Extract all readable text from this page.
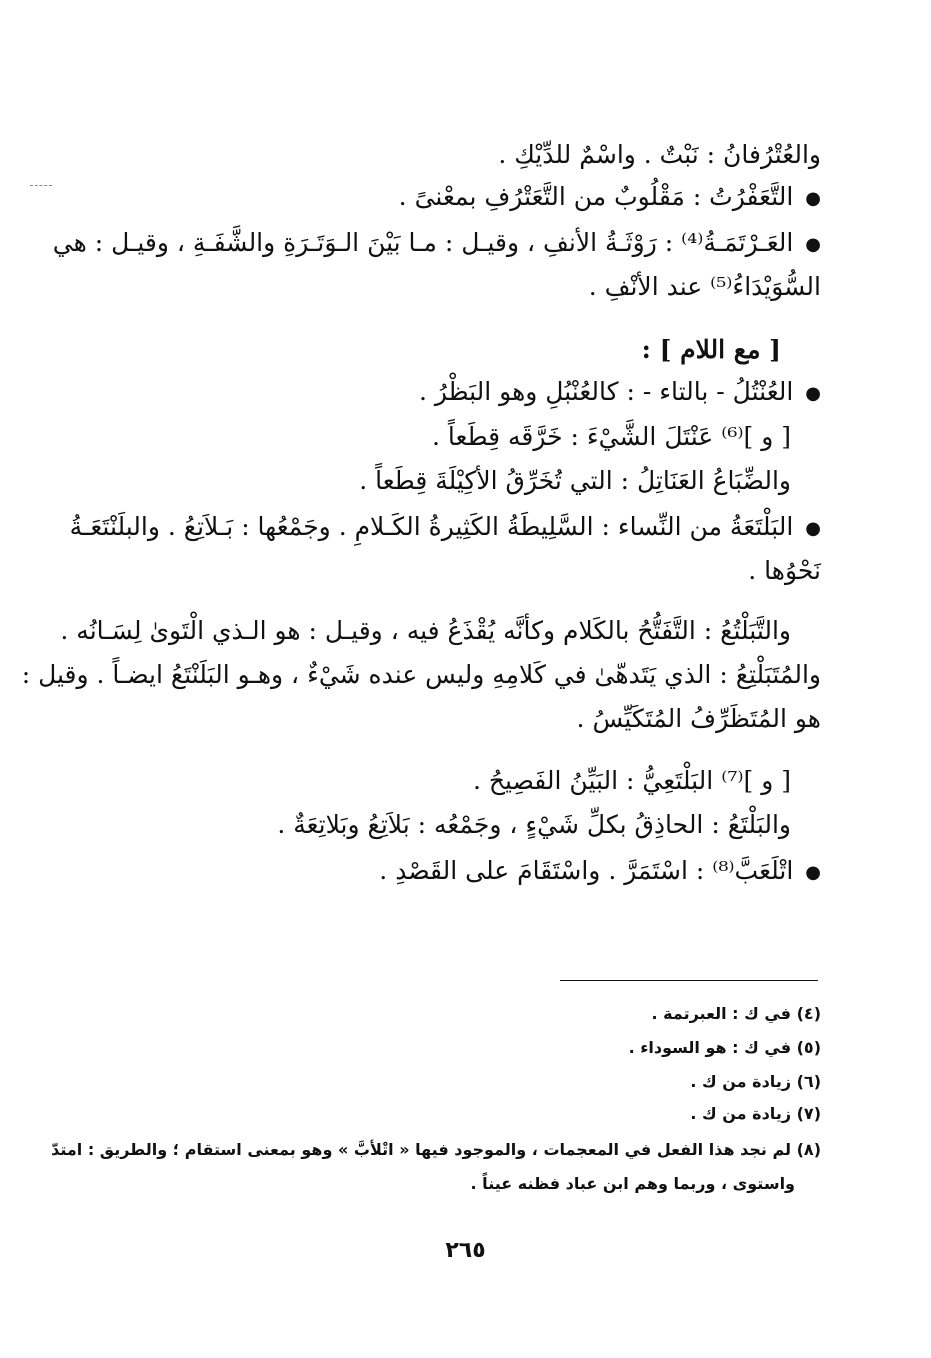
والعُتْرُفانُ : نَبْتٌ . واسْمٌ للدِّيْكِ .
● التَّعَفْرُتُ : مَقْلُوبٌ من التَّعَتْرُفِ بمعْنىً .
● العَـرْتَمَـةُ⁽⁴⁾ : رَوْثَـةُ الأنفِ ، وقيـل : مـا بَيْنَ الـوَتَـرَةِ والشَّفَـةِ ، وقيـل : هي
السُّوَيْدَاءُ⁽⁵⁾ عند الأنْفِ .
[ مع اللام ] :
● العُنْتُلُ - بالتاء - : كالعُنْبُلِ وهو البَظْرُ .
[ و ]⁽⁶⁾ عَنْتَلَ الشَّيْءَ : خَرَّقَه قِطَعاً .
والضِّبَاعُ العَنَاتِلُ : التي تُخَرِّقُ الأكِيْلَةَ قِطَعاً .
● البَلْتَعَةُ من النِّساء : السَّلِيطَةُ الكَثِيرةُ الكَـلامِ . وجَمْعُها : بَـلاَتِعُ . والبلَنْتَعَـةُ
نَحْوُها .
والتَّبَلْتُعُ : التَّفَتُّحُ بالكَلام وكأنَّه يُقْذَعُ فيه ، وقيـل : هو الـذي الْتَوىٰ لِسَـانُه .
والمُتَبَلْتِعُ : الذي يَتَدهّىٰ في كَلامِهِ وليس عنده شَيْءٌ ، وهـو البَلَنْتَعُ ايضـاً . وقيل :
هو المُتَظَرِّفُ المُتَكَيِّسُ .
[ و ]⁽⁷⁾ البَلْتَعِيُّ : البَيِّنُ الفَصِيحُ .
والبَلْتَعُ : الحاذِقُ بكلِّ شَيْءٍ ، وجَمْعُه : بَلاَتِعُ وبَلاتِعَةٌ .
● اتْلَعَبَّ⁽⁸⁾ : اسْتَمَرَّ . واسْتَقَامَ على القَصْدِ .
(٤) في ك : العبرتمة .
(٥) في ك : هو السوداء .
(٦) زيادة من ك .
(٧) زيادة من ك .
(٨) لم نجد هذا الفعل في المعجمات ، والموجود فيها « اتْلأبَّ » وهو بمعنى استقام ؛ والطريق : امتدّ
واستوى ، وربما وهم ابن عباد فظنه عيناً .
٢٦٥
